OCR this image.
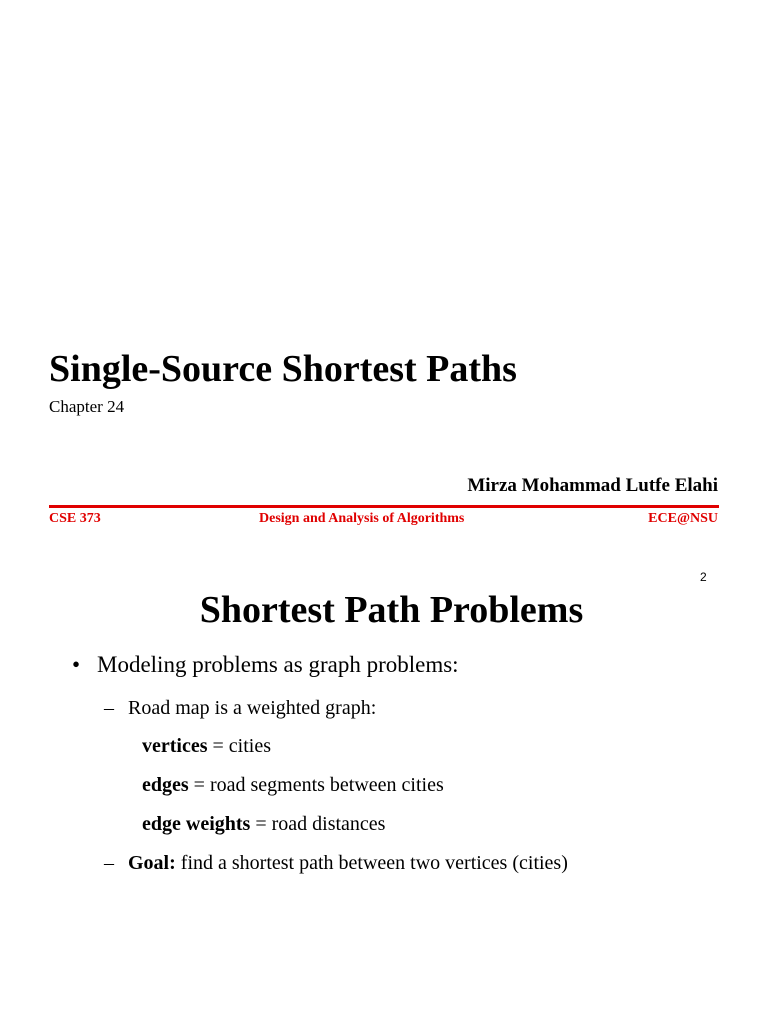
Single-Source Shortest Paths
Chapter 24
Mirza Mohammad Lutfe Elahi
CSE 373	Design and Analysis of Algorithms	ECE@NSU
2
Shortest Path Problems
• Modeling problems as graph problems:
– Road map is a weighted graph:
vertices = cities
edges = road segments between cities
edge weights = road distances
– Goal: find a shortest path between two vertices (cities)
